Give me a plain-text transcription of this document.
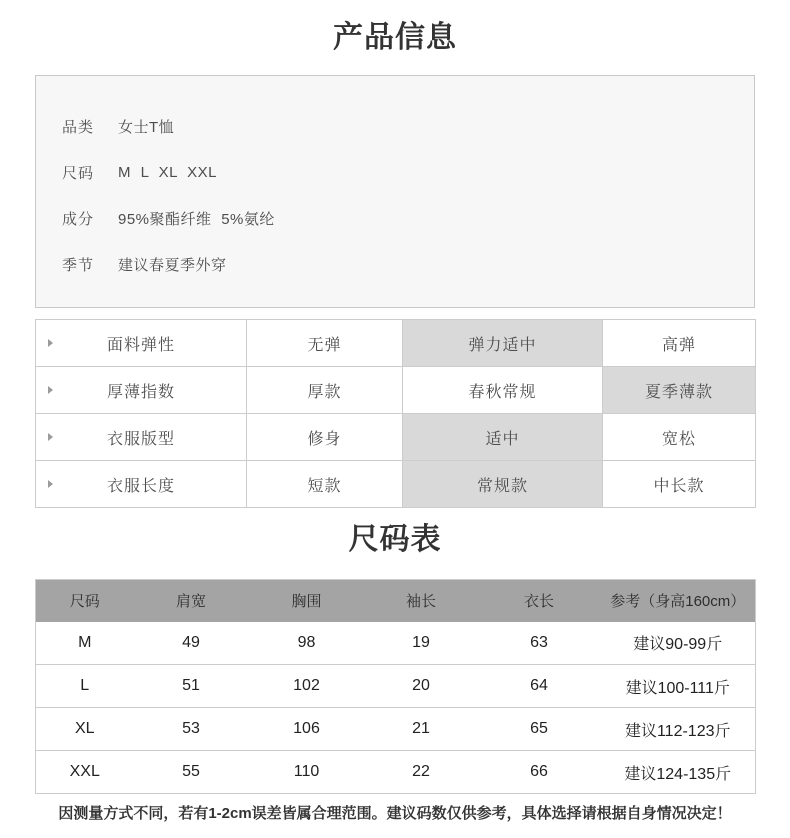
产品信息
品类	女士T恤
尺码	M L XL XXL
成分	95%聚酯纤维 5%氨纶
季节	建议春夏季外穿
面料弹性	无弹	弹力适中	高弹

厚薄指数	厚款	春秋常规	夏季薄款

衣服版型	修身	适中	宽松

衣服长度	短款	常规款	中长款
尺码表
尺码	肩宽	胸围	袖长	衣长	参考（身高160cm）
M	49	98	19	63	建议90-99斤
L	51	102	20	64	建议100-111斤
XL	53	106	21	65	建议112-123斤
XXL	55	110	22	66	建议124-135斤
因测量方式不同，若有1-2cm误差皆属合理范围。建议码数仅供参考，具体选择请根据自身情况决定！
